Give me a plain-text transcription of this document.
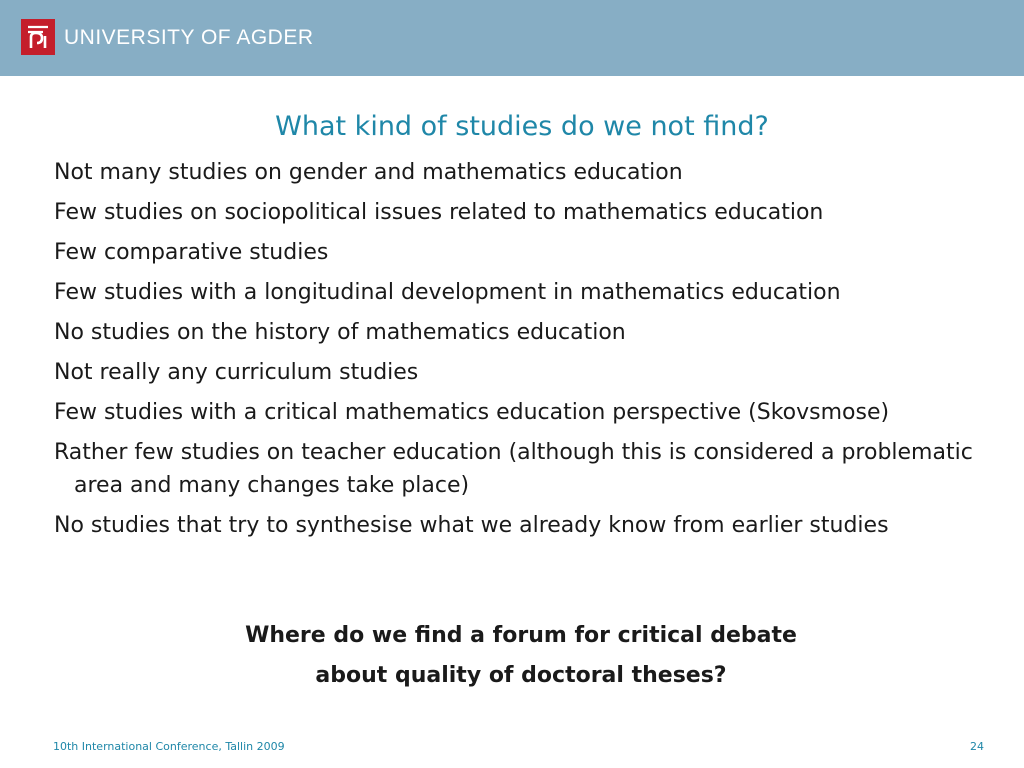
UNIVERSITY OF AGDER
What kind of studies do we not find?
Not many studies on gender and mathematics education
Few studies on sociopolitical issues related to mathematics education
Few comparative studies
Few studies with a longitudinal development in mathematics education
No studies on the history of mathematics education
Not really any curriculum studies
Few studies with a critical mathematics education perspective (Skovsmose)
Rather few studies on teacher education (although this is considered a problematic area and many changes take place)
No studies that try to synthesise what we already know from earlier studies
Where do we find a forum for critical debate
about quality of doctoral theses?
10th International Conference, Tallin 2009	24
